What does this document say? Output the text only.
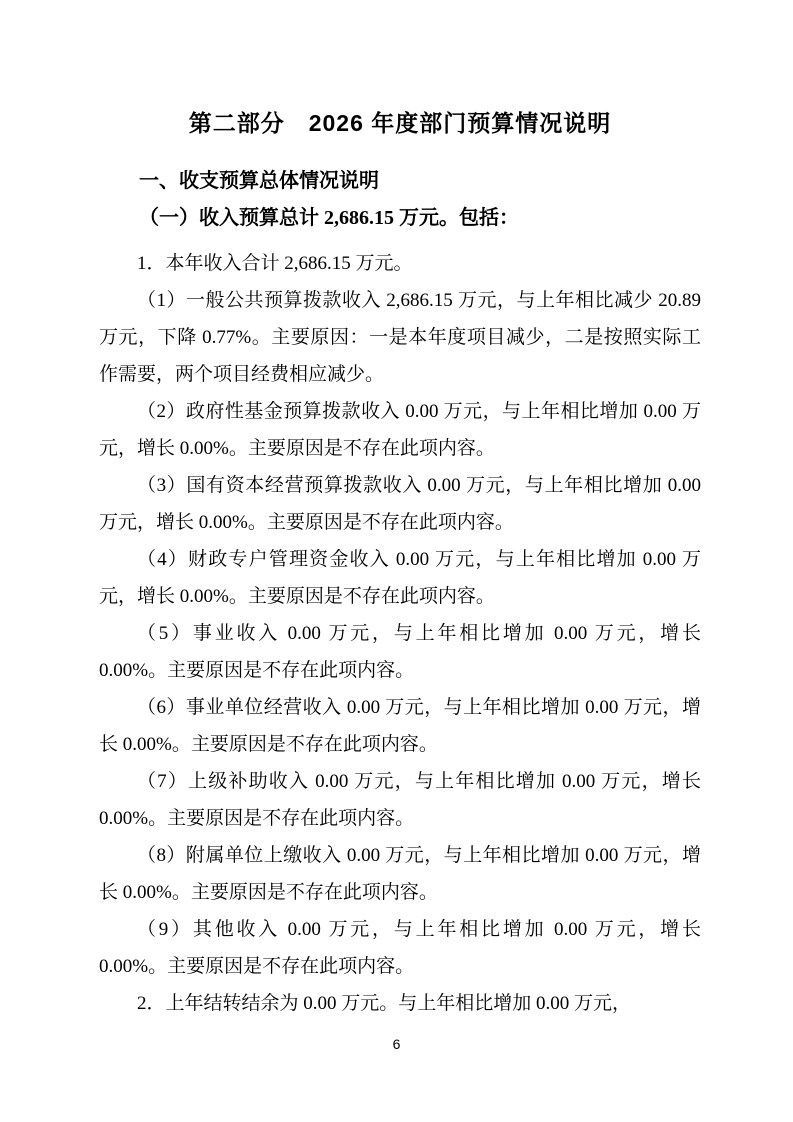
第二部分　2026 年度部门预算情况说明
一、收支预算总体情况说明
（一）收入预算总计 2,686.15 万元。包括：

1．本年收入合计 2,686.15 万元。

（1）一般公共预算拨款收入 2,686.15 万元，与上年相比减少 20.89 万元，下降 0.77%。主要原因：一是本年度项目减少，二是按照实际工作需要，两个项目经费相应减少。

（2）政府性基金预算拨款收入 0.00 万元，与上年相比增加 0.00 万元，增长 0.00%。主要原因是不存在此项内容。

（3）国有资本经营预算拨款收入 0.00 万元，与上年相比增加 0.00 万元，增长 0.00%。主要原因是不存在此项内容。

（4）财政专户管理资金收入 0.00 万元，与上年相比增加 0.00 万元，增长 0.00%。主要原因是不存在此项内容。

（5）事业收入 0.00 万元，与上年相比增加 0.00 万元，增长 0.00%。主要原因是不存在此项内容。

（6）事业单位经营收入 0.00 万元，与上年相比增加 0.00 万元，增长 0.00%。主要原因是不存在此项内容。

（7）上级补助收入 0.00 万元，与上年相比增加 0.00 万元，增长 0.00%。主要原因是不存在此项内容。

（8）附属单位上缴收入 0.00 万元，与上年相比增加 0.00 万元，增长 0.00%。主要原因是不存在此项内容。

（9）其他收入 0.00 万元，与上年相比增加 0.00 万元，增长 0.00%。主要原因是不存在此项内容。

2．上年结转结余为 0.00 万元。与上年相比增加 0.00 万元，

6
